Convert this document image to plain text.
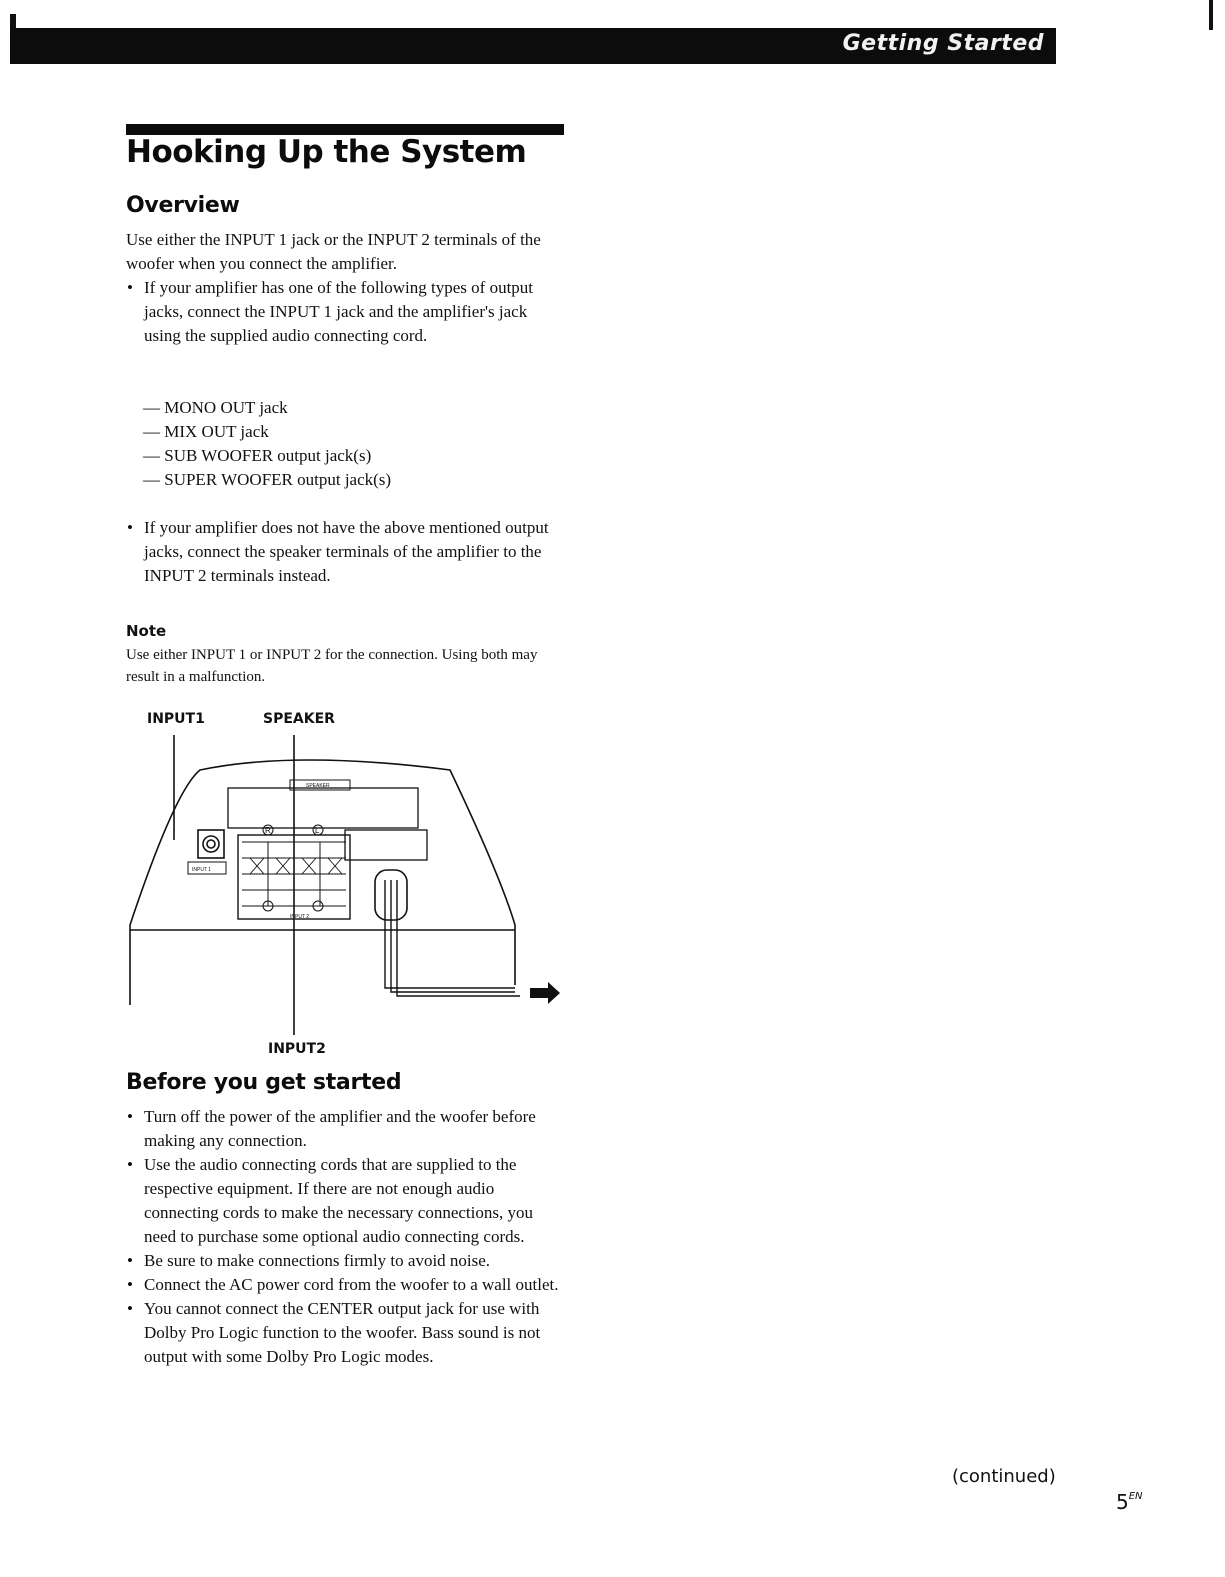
Getting Started
Hooking Up the System
Overview

Use either the INPUT 1 jack or the INPUT 2 terminals of the woofer when you connect the amplifier.

• If your amplifier has one of the following types of output jacks, connect the INPUT 1 jack and the amplifier's jack using the supplied audio connecting cord.
— MONO OUT jack
— MIX OUT jack
— SUB WOOFER output jack(s)
— SUPER WOOFER output jack(s)
• If your amplifier does not have the above mentioned output jacks, connect the speaker terminals of the amplifier to the INPUT 2 terminals instead.

Note

Use either INPUT 1 or INPUT 2 for the connection. Using both may result in a malfunction.

INPUT1	SPEAKER
INPUT2
SPEAKER
INPUT 1
INPUT 2
R	L
Before you get started
• Turn off the power of the amplifier and the woofer before making any connection.
• Use the audio connecting cords that are supplied to the respective equipment. If there are not enough audio connecting cords to make the necessary connections, you need to purchase some optional audio connecting cords.
• Be sure to make connections firmly to avoid noise.
• Connect the AC power cord from the woofer to a wall outlet.
• You cannot connect the CENTER output jack for use with Dolby Pro Logic function to the woofer. Bass sound is not output with some Dolby Pro Logic modes.
(continued)
$5^{EN}$
